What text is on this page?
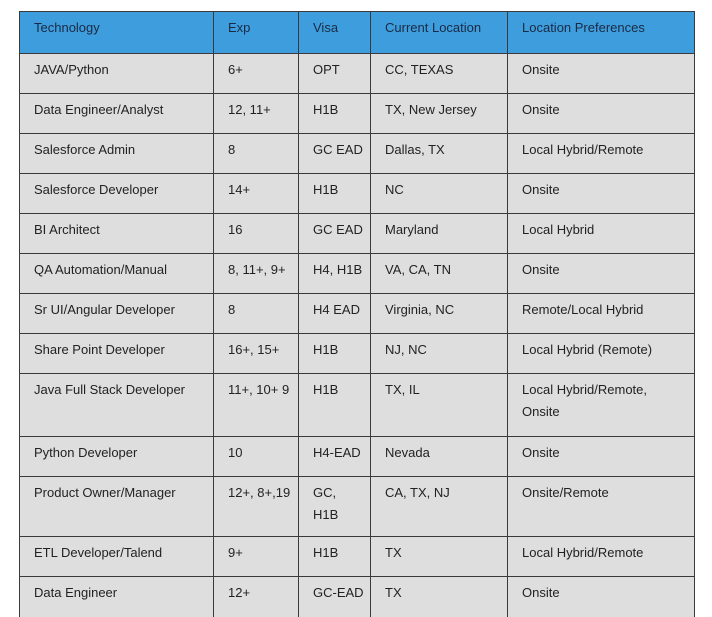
Technology	Exp	Visa	Current Location	Location Preferences
JAVA/Python	6+	OPT	CC, TEXAS	Onsite
Data Engineer/Analyst	12, 11+	H1B	TX, New Jersey	Onsite
Salesforce Admin	8	GC EAD	Dallas, TX	Local Hybrid/Remote
Salesforce Developer	14+	H1B	NC	Onsite
BI Architect	16	GC EAD	Maryland	Local Hybrid
QA Automation/Manual	8, 11+, 9+	H4, H1B	VA, CA, TN	Onsite
Sr UI/Angular Developer	8	H4 EAD	Virginia, NC	Remote/Local Hybrid
Share Point Developer	16+, 15+	H1B	NJ, NC	Local Hybrid (Remote)
Java Full Stack Developer	11+, 10+ 9	H1B	TX, IL	Local Hybrid/Remote, Onsite
Python Developer	10	H4-EAD	Nevada	Onsite
Product Owner/Manager	12+, 8+,19	GC, H1B	CA, TX, NJ	Onsite/Remote
ETL Developer/Talend	9+	H1B	TX	Local Hybrid/Remote
Data Engineer	12+	GC-EAD	TX	Onsite
